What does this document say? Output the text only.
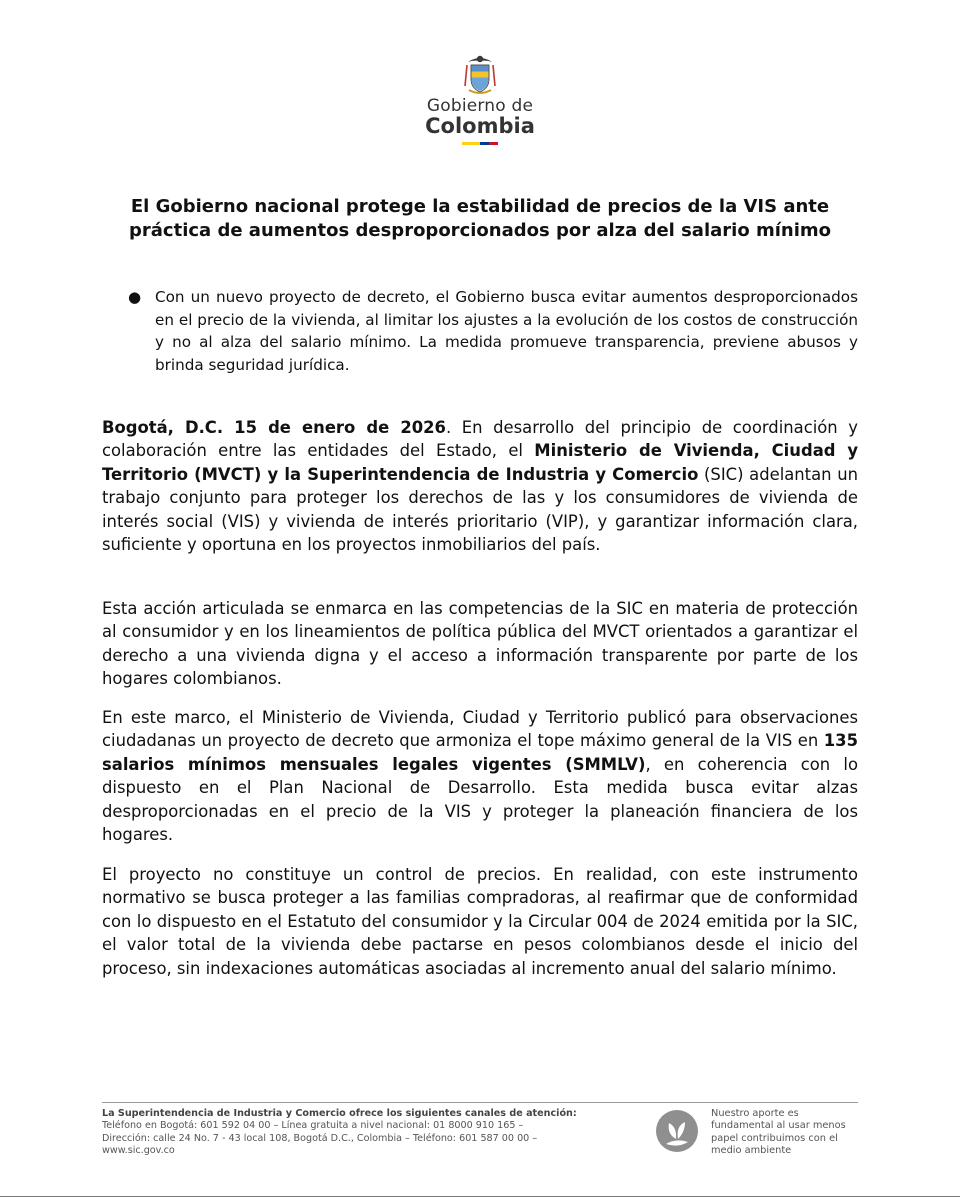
Gobierno de
Colombia
El Gobierno nacional protege la estabilidad de precios de la VIS ante
práctica de aumentos desproporcionados por alza del salario mínimo
● Con un nuevo proyecto de decreto, el Gobierno busca evitar aumentos desproporcionados en el precio de la vivienda, al limitar los ajustes a la evolución de los costos de construcción y no al alza del salario mínimo. La medida promueve transparencia, previene abusos y brinda seguridad jurídica.

Bogotá, D.C. 15 de enero de 2026. En desarrollo del principio de coordinación y colaboración entre las entidades del Estado, el Ministerio de Vivienda, Ciudad y Territorio (MVCT) y la Superintendencia de Industria y Comercio (SIC) adelantan un trabajo conjunto para proteger los derechos de las y los consumidores de vivienda de interés social (VIS) y vivienda de interés prioritario (VIP), y garantizar información clara, suficiente y oportuna en los proyectos inmobiliarios del país.

Esta acción articulada se enmarca en las competencias de la SIC en materia de protección al consumidor y en los lineamientos de política pública del MVCT orientados a garantizar el derecho a una vivienda digna y el acceso a información transparente por parte de los hogares colombianos.

En este marco, el Ministerio de Vivienda, Ciudad y Territorio publicó para observaciones ciudadanas un proyecto de decreto que armoniza el tope máximo general de la VIS en 135 salarios mínimos mensuales legales vigentes (SMMLV), en coherencia con lo dispuesto en el Plan Nacional de Desarrollo. Esta medida busca evitar alzas desproporcionadas en el precio de la VIS y proteger la planeación financiera de los hogares.

El proyecto no constituye un control de precios. En realidad, con este instrumento normativo se busca proteger a las familias compradoras, al reafirmar que de conformidad con lo dispuesto en el Estatuto del consumidor y la Circular 004 de 2024 emitida por la SIC, el valor total de la vivienda debe pactarse en pesos colombianos desde el inicio del proceso, sin indexaciones automáticas asociadas al incremento anual del salario mínimo.

La Superintendencia de Industria y Comercio ofrece los siguientes canales de atención:
Teléfono en Bogotá: 601 592 04 00 – Línea gratuita a nivel nacional: 01 8000 910 165 –
Dirección: calle 24 No. 7 - 43 local 108, Bogotá D.C., Colombia – Teléfono: 601 587 00 00 –
www.sic.gov.co
Nuestro aporte es
fundamental al usar menos
papel contribuimos con el
medio ambiente
